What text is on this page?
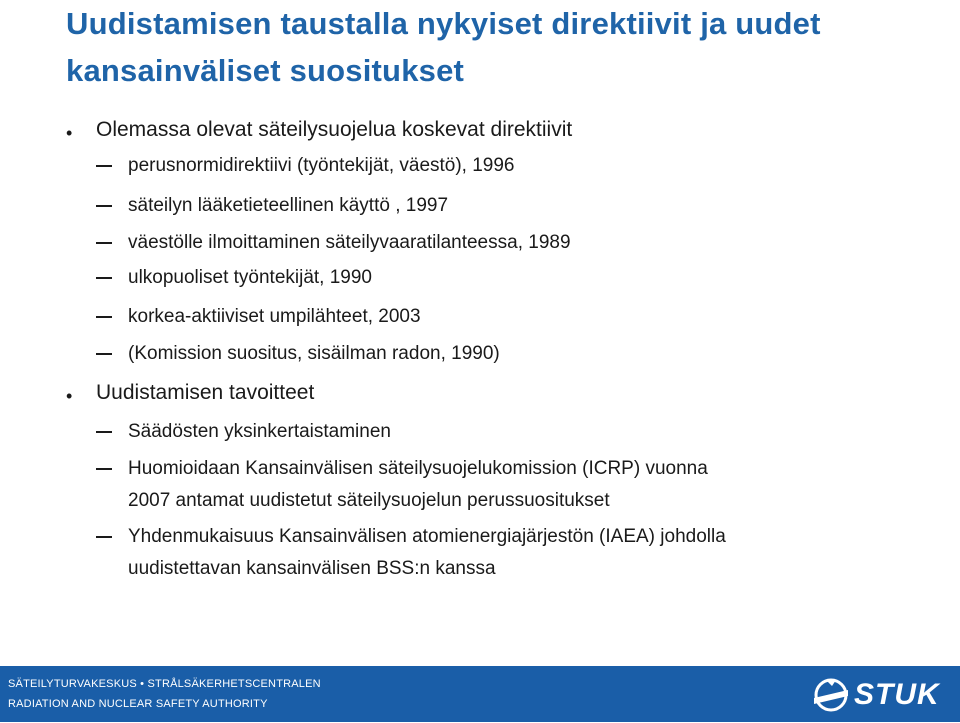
Uudistamisen taustalla nykyiset direktiivit ja uudet kansainväliset suositukset
• Olemassa olevat säteilysuojelua koskevat direktiivit
perusnormidirektiivi (työntekijät, väestö), 1996
säteilyn lääketieteellinen käyttö , 1997
väestölle ilmoittaminen säteilyvaaratilanteessa, 1989
ulkopuoliset työntekijät, 1990
korkea-aktiiviset umpilähteet, 2003
(Komission suositus, sisäilman radon, 1990)
• Uudistamisen tavoitteet
Säädösten yksinkertaistaminen
Huomioidaan Kansainvälisen säteilysuojelukomission (ICRP) vuonna
2007 antamat uudistetut säteilysuojelun perussuositukset
Yhdenmukaisuus Kansainvälisen atomienergiajärjestön (IAEA) johdolla
uudistettavan kansainvälisen BSS:n kanssa
SÄTEILYTURVAKESKUS • STRÅLSÄKERHETSCENTRALEN
RADIATION AND NUCLEAR SAFETY AUTHORITY	STUK
